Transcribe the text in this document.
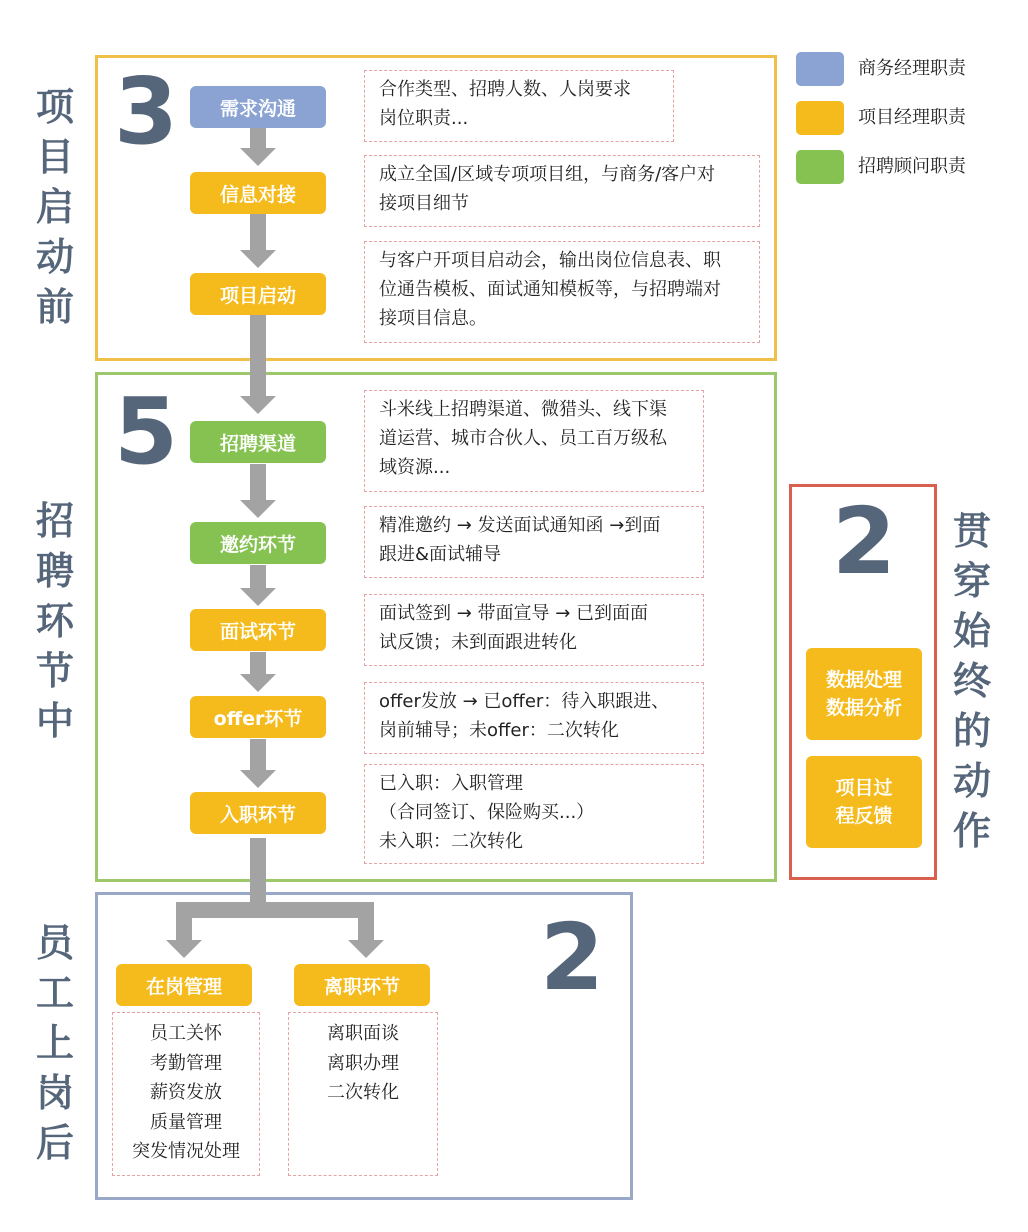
商务经理职责
项目经理职责
招聘顾问职责
项目启动前
招聘环节中
员工上岗后
贯穿始终的动作
3
5
2
2
需求沟通
信息对接
项目启动
合作类型、招聘人数、人岗要求
岗位职责...
成立全国/区域专项项目组，与商务/客户对
接项目细节
与客户开项目启动会，输出岗位信息表、职
位通告模板、面试通知模板等，与招聘端对
接项目信息。
招聘渠道
邀约环节
面试环节
offer环节
入职环节
斗米线上招聘渠道、微猎头、线下渠
道运营、城市合伙人、员工百万级私
域资源...
精准邀约 → 发送面试通知函 →到面
跟进&面试辅导
面试签到 → 带面宣导 → 已到面面
试反馈；未到面跟进转化
offer发放 → 已offer：待入职跟进、
岗前辅导；未offer：二次转化
已入职：入职管理
（合同签订、保险购买...）
未入职：二次转化
在岗管理	离职环节
员工关怀
考勤管理
薪资发放
质量管理
突发情况处理
离职面谈
离职办理
二次转化
数据处理
数据分析
项目过
程反馈
